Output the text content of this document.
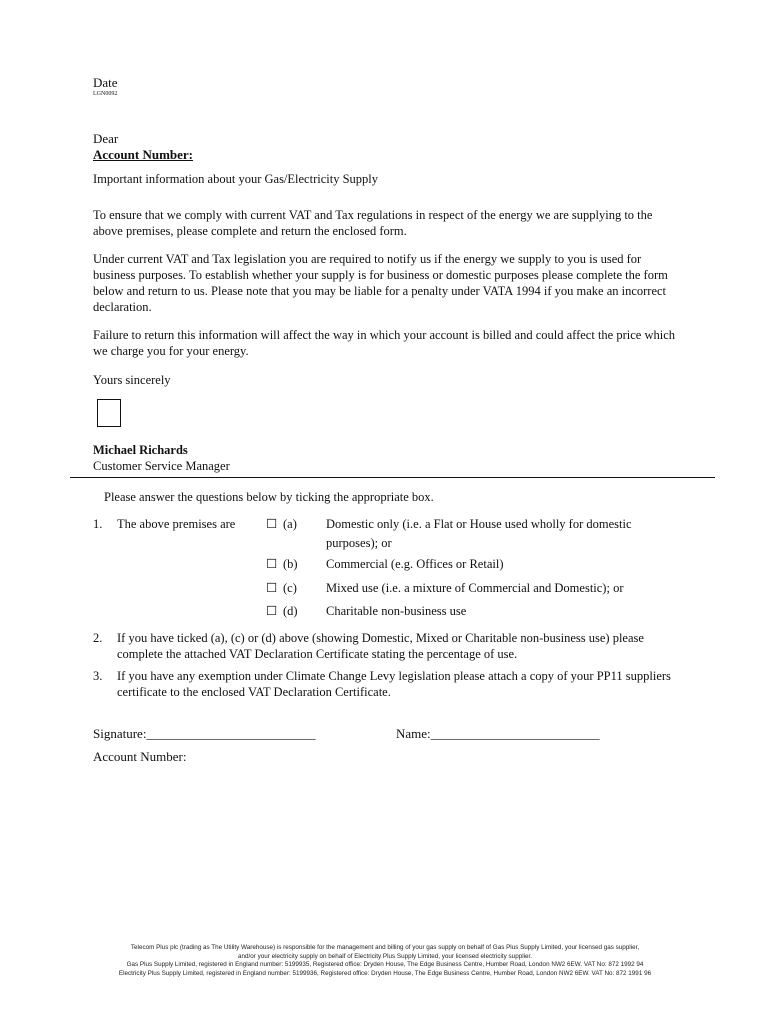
Date
LGN0092
Dear
Account Number:
Important information about your Gas/Electricity Supply
To ensure that we comply with current VAT and Tax regulations in respect of the energy we are supplying to the above premises, please complete and return the enclosed form.
Under current VAT and Tax legislation you are required to notify us if the energy we supply to you is used for business purposes. To establish whether your supply is for business or domestic purposes please complete the form below and return to us. Please note that you may be liable for a penalty under VATA 1994 if you make an incorrect declaration.
Failure to return this information will affect the way in which your account is billed and could affect the price which we charge you for your energy.
Yours sincerely
Michael Richards
Customer Service Manager
Please answer the questions below by ticking the appropriate box.
1. The above premises are ☐ (a) Domestic only (i.e. a Flat or House used wholly for domestic purposes); or
☐ (b) Commercial (e.g. Offices or Retail)
☐ (c) Mixed use (i.e. a mixture of Commercial and Domestic); or
☐ (d) Charitable non-business use
2. If you have ticked (a), (c) or (d) above (showing Domestic, Mixed or Charitable non-business use) please complete the attached VAT Declaration Certificate stating the percentage of use.
3. If you have any exemption under Climate Change Levy legislation please attach a copy of your PP11 suppliers certificate to the enclosed VAT Declaration Certificate.
Signature:__________________________	Name:__________________________
Account Number:
Telecom Plus plc (trading as The Utility Warehouse) is responsible for the management and billing of your gas supply on behalf of Gas Plus Supply Limited, your licensed gas supplier,
and/or your electricity supply on behalf of Electricity Plus Supply Limited, your licensed electricity supplier.
Gas Plus Supply Limited, registered in England number: 5199935, Registered office: Dryden House, The Edge Business Centre, Humber Road, London NW2 6EW. VAT No: 872 1992 94
Electricity Plus Supply Limited, registered in England number: 5199936, Registered office: Dryden House, The Edge Business Centre, Humber Road, London NW2 6EW. VAT No: 872 1991 96
